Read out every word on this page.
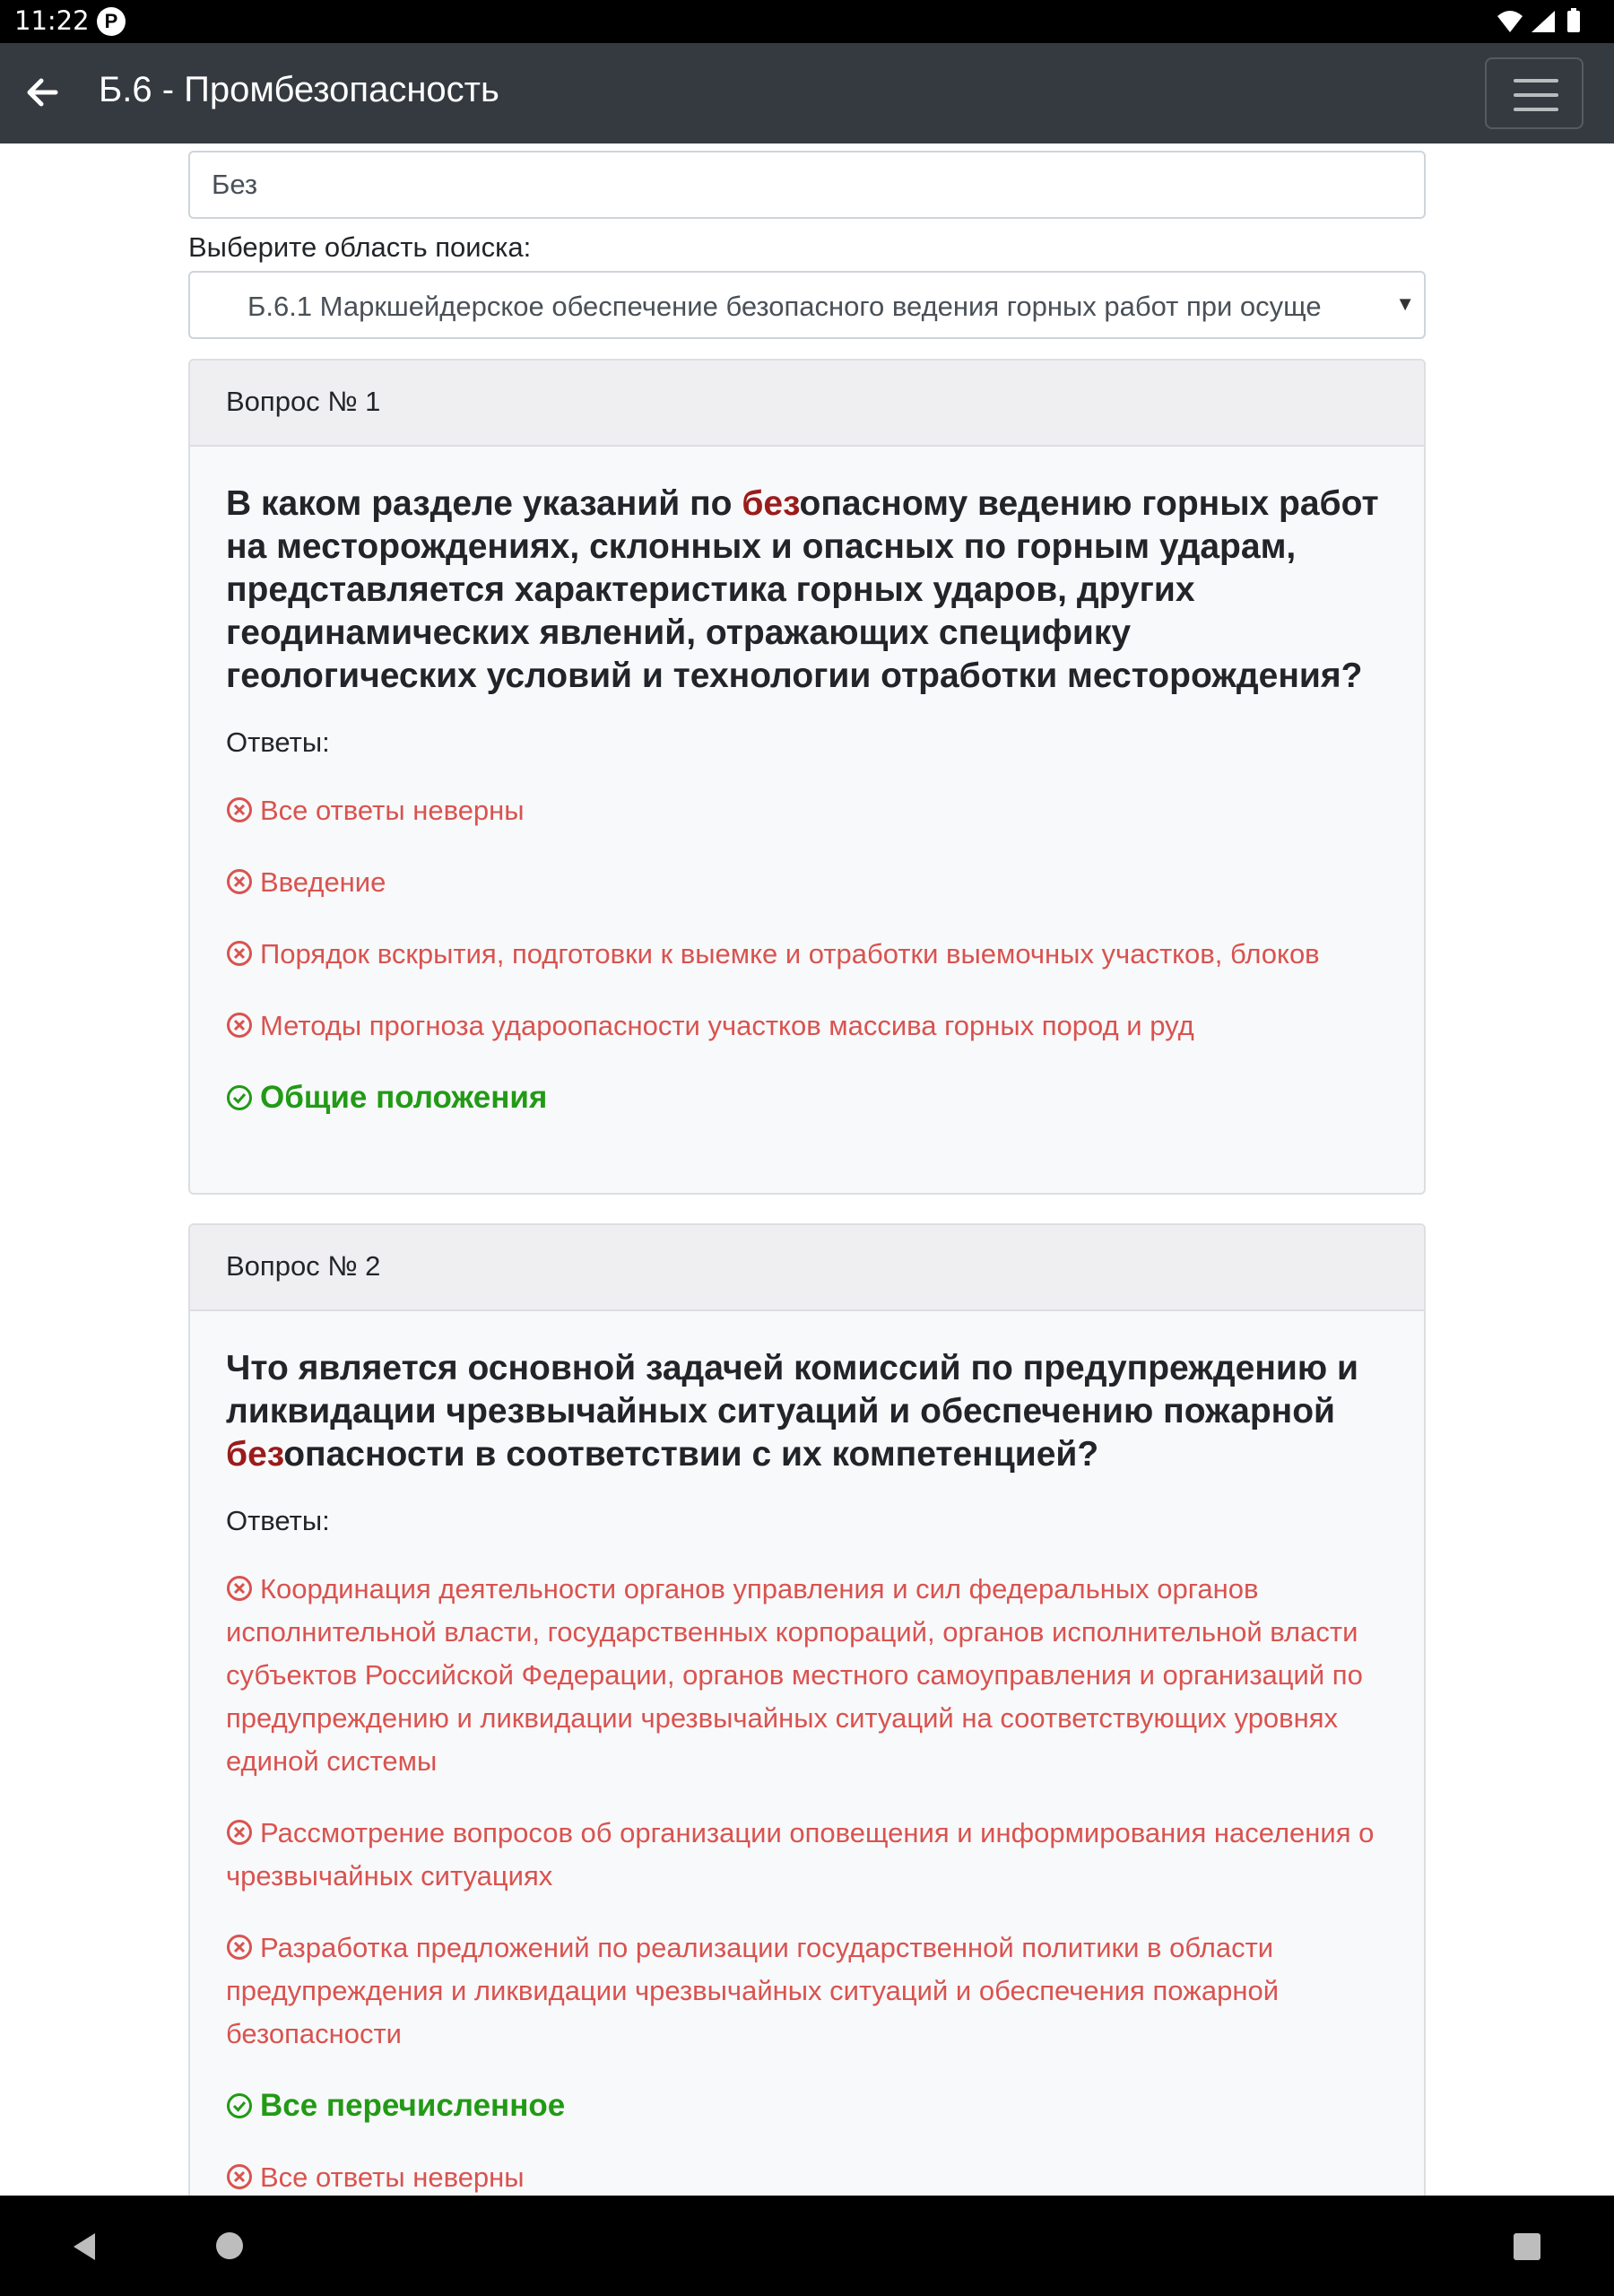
11:22 P
Б.6 - Промбезопасность
Без
Выберите область поиска:
Б.6.1 Маркшейдерское обеспечение безопасного ведения горных работ при осуще	▼
Вопрос № 1
В каком разделе указаний по безопасному ведению горных работ на месторождениях, склонных и опасных по горным ударам, представляется характеристика горных ударов, других геодинамических явлений, отражающих специфику геологических условий и технологии отработки месторождения?
Ответы:
Все ответы неверны
Введение
Порядок вскрытия, подготовки к выемке и отработки выемочных участков, блоков
Методы прогноза удароопасности участков массива горных пород и руд
Общие положения
Вопрос № 2
Что является основной задачей комиссий по предупреждению и ликвидации чрезвычайных ситуаций и обеспечению пожарной безопасности в соответствии с их компетенцией?
Ответы:
Координация деятельности органов управления и сил федеральных органов исполнительной власти, государственных корпораций, органов исполнительной власти субъектов Российской Федерации, органов местного самоуправления и организаций по предупреждению и ликвидации чрезвычайных ситуаций на соответствующих уровнях единой системы
Рассмотрение вопросов об организации оповещения и информирования населения о чрезвычайных ситуациях
Разработка предложений по реализации государственной политики в области предупреждения и ликвидации чрезвычайных ситуаций и обеспечения пожарной безопасности
Все перечисленное
Все ответы неверны
